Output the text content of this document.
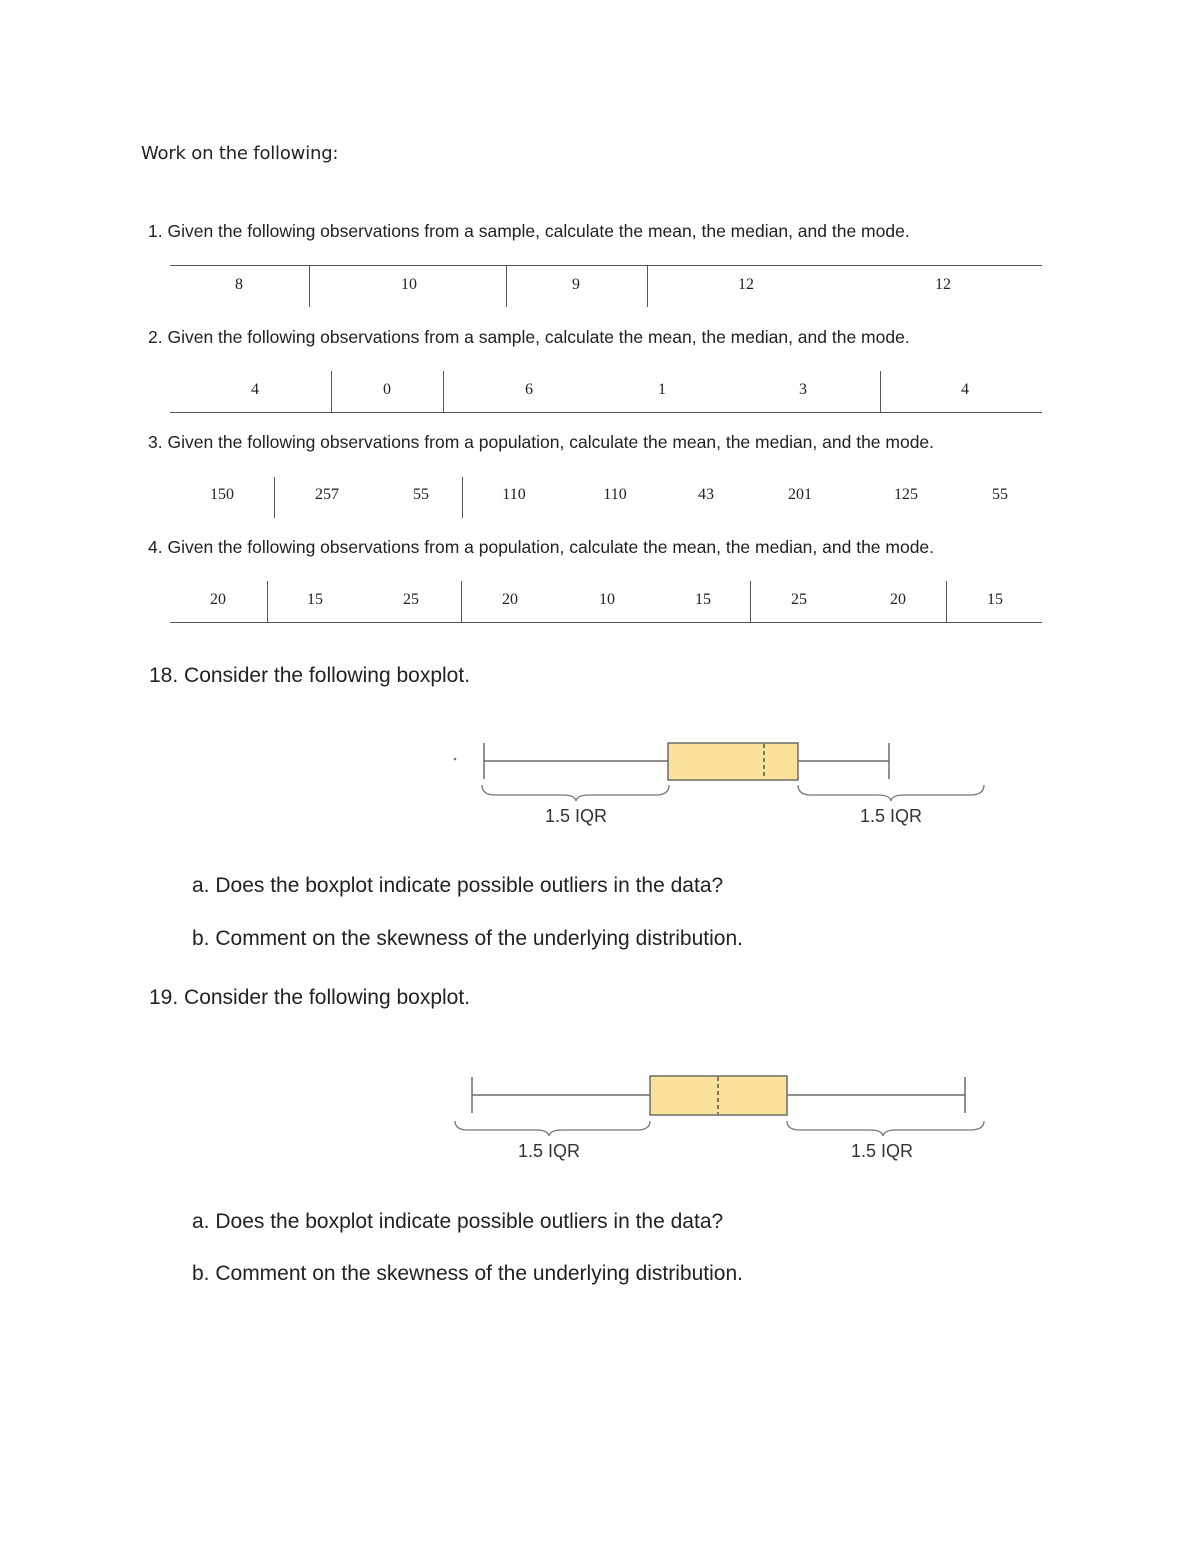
Work on the following:
1. Given the following observations from a sample, calculate the mean, the median, and the mode.
8	10	9	12	12
2. Given the following observations from a sample, calculate the mean, the median, and the mode.
4	0	6	1	3	4
3. Given the following observations from a population, calculate the mean, the median, and the mode.
150	257	55	110	110	43	201	125	55
4. Given the following observations from a population, calculate the mean, the median, and the mode.
20	15	25	20	10	15	25	20	15
18. Consider the following boxplot.
1.5 IQR	1.5 IQR
a. Does the boxplot indicate possible outliers in the data?
b. Comment on the skewness of the underlying distribution.
19. Consider the following boxplot.
1.5 IQR	1.5 IQR
a. Does the boxplot indicate possible outliers in the data?
b. Comment on the skewness of the underlying distribution.
